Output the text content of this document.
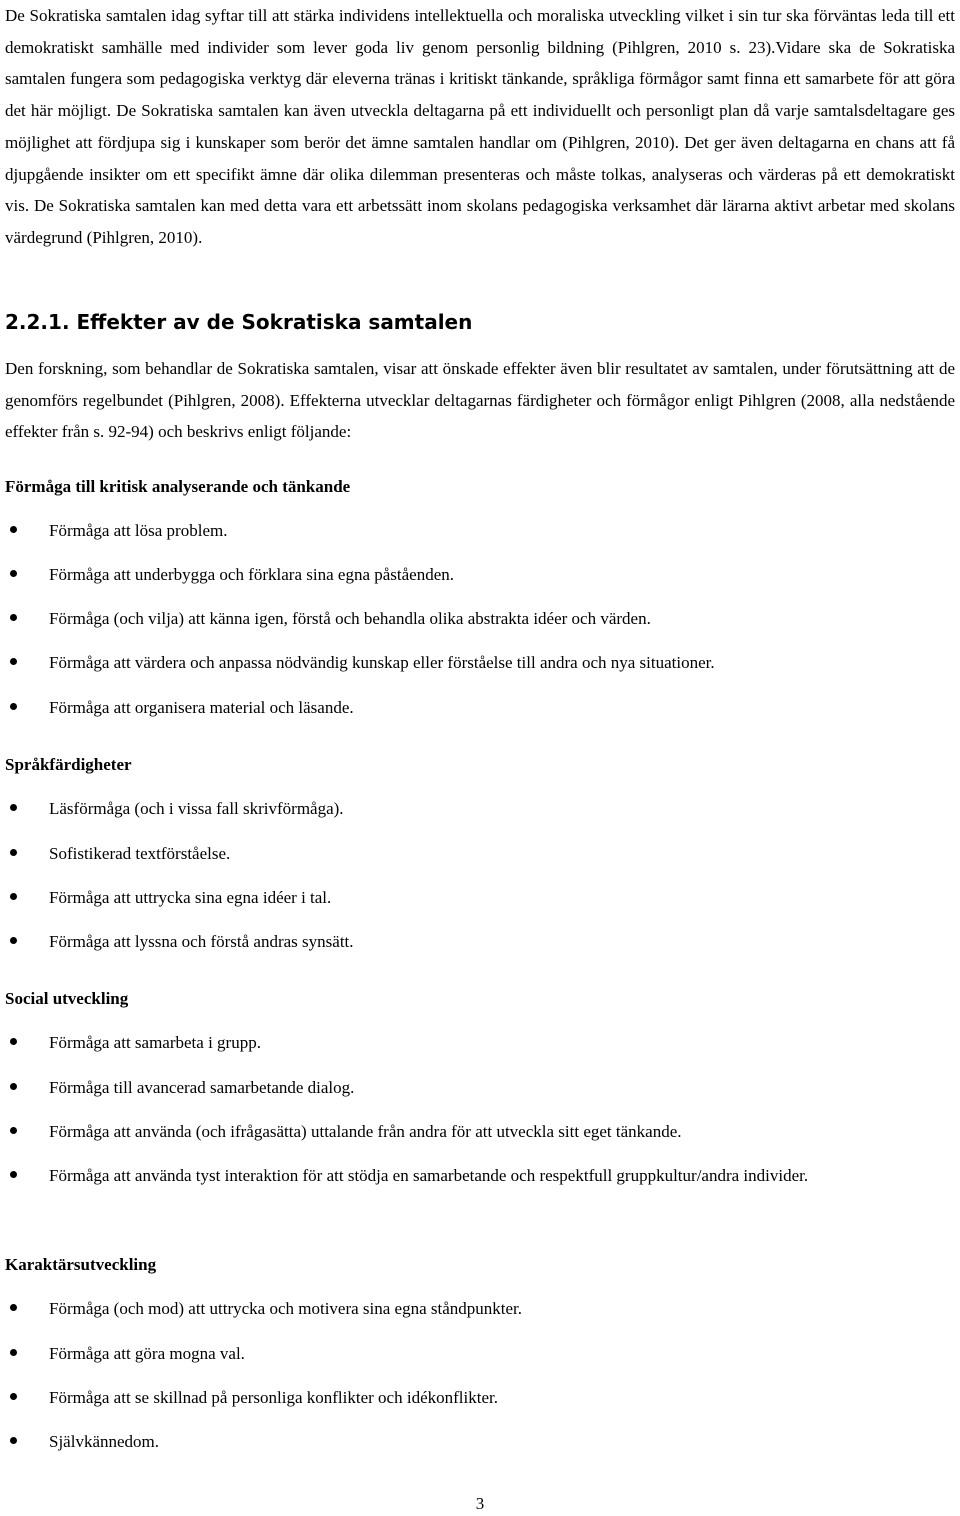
De Sokratiska samtalen idag syftar till att stärka individens intellektuella och moraliska utveckling vilket i sin tur ska förväntas leda till ett demokratiskt samhälle med individer som lever goda liv genom personlig bildning (Pihlgren, 2010 s. 23).Vidare ska de Sokratiska samtalen fungera som pedagogiska verktyg där eleverna tränas i kritiskt tänkande, språkliga förmågor samt finna ett samarbete för att göra det här möjligt. De Sokratiska samtalen kan även utveckla deltagarna på ett individuellt och personligt plan då varje samtalsdeltagare ges möjlighet att fördjupa sig i kunskaper som berör det ämne samtalen handlar om (Pihlgren, 2010). Det ger även deltagarna en chans att få djupgående insikter om ett specifikt ämne där olika dilemman presenteras och måste tolkas, analyseras och värderas på ett demokratiskt vis. De Sokratiska samtalen kan med detta vara ett arbetssätt inom skolans pedagogiska verksamhet där lärarna aktivt arbetar med skolans värdegrund (Pihlgren, 2010).

2.2.1. Effekter av de Sokratiska samtalen

Den forskning, som behandlar de Sokratiska samtalen, visar att önskade effekter även blir resultatet av samtalen, under förutsättning att de genomförs regelbundet (Pihlgren, 2008). Effekterna utvecklar deltagarnas färdigheter och förmågor enligt Pihlgren (2008, alla nedstående effekter från s. 92-94) och beskrivs enligt följande:

Förmåga till kritisk analyserande och tänkande
Förmåga att lösa problem.
Förmåga att underbygga och förklara sina egna påståenden.
Förmåga (och vilja) att känna igen, förstå och behandla olika abstrakta idéer och värden.
Förmåga att värdera och anpassa nödvändig kunskap eller förståelse till andra och nya situationer.
Förmåga att organisera material och läsande.
Språkfärdigheter
Läsförmåga (och i vissa fall skrivförmåga).
Sofistikerad textförståelse.
Förmåga att uttrycka sina egna idéer i tal.
Förmåga att lyssna och förstå andras synsätt.
Social utveckling
Förmåga att samarbeta i grupp.
Förmåga till avancerad samarbetande dialog.
Förmåga att använda (och ifrågasätta) uttalande från andra för att utveckla sitt eget tänkande.
Förmåga att använda tyst interaktion för att stödja en samarbetande och respektfull gruppkultur/andra individer.
Karaktärsutveckling
Förmåga (och mod) att uttrycka och motivera sina egna ståndpunkter.
Förmåga att göra mogna val.
Förmåga att se skillnad på personliga konflikter och idékonflikter.
Självkännedom.
3
